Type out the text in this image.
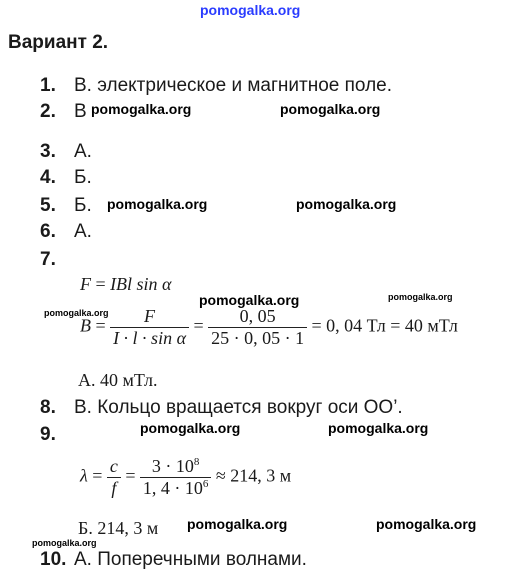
pomogalka.org
Вариант 2.
1. В. электрическое и магнитное поле.
2. В pomogalka.org	pomogalka.org
3. А.
4. Б.
5. Б. pomogalka.org	pomogalka.org
6. А.
7.
F = IBl sin α
pomogalka.org	pomogalka.org
pomogalka.org
$B = \frac{F}{\text{I · l · sin α}} = \frac{0, 05}{25 \cdot 0, 05 \cdot 1} = 0$, 04 Тл = 40 мТл
А. 40 мТл.
8. В. Кольцо вращается вокруг оси ОО’.
9.	pomogalka.org	pomogalka.org
$\lambda = \frac{c}{f} = \frac{3 \cdot 10^8}{1, 4 \cdot 10^6} \approx 214$, 3 м
Б. 214, 3 м pomogalka.org	pomogalka.org
pomogalka.org
10. А. Поперечными волнами.
